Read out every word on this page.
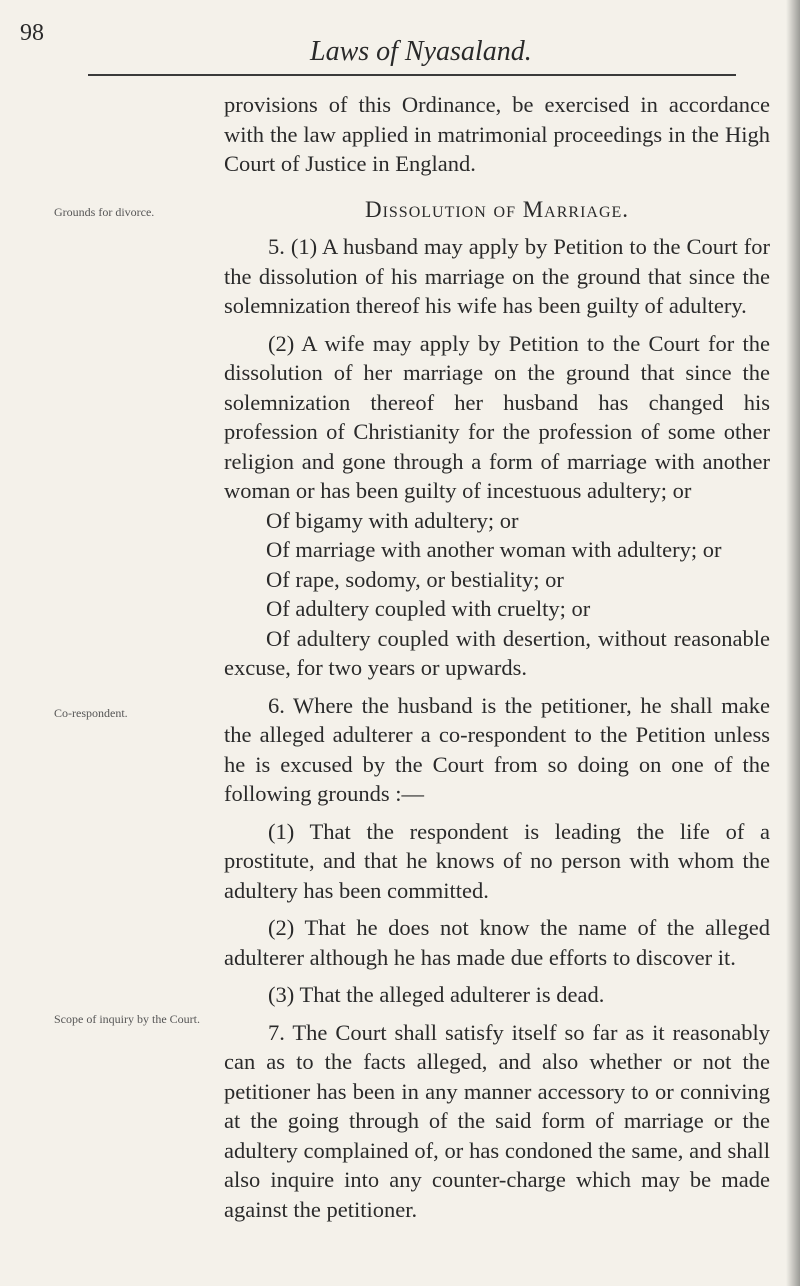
98
Laws of Nyasaland.
Grounds for divorce.
Co-respondent.
Scope of inquiry by the Court.

provisions of this Ordinance, be exercised in accordance with the law applied in matrimonial proceedings in the High Court of Justice in England.

Dissolution of Marriage.

5. (1) A husband may apply by Petition to the Court for the dissolution of his marriage on the ground that since the solemnization thereof his wife has been guilty of adultery.

(2) A wife may apply by Petition to the Court for the dissolution of her marriage on the ground that since the solemnization thereof her husband has changed his profession of Christianity for the profession of some other religion and gone through a form of marriage with another woman or has been guilty of incestuous adultery; or

Of bigamy with adultery; or

Of marriage with another woman with adultery; or

Of rape, sodomy, or bestiality; or

Of adultery coupled with cruelty; or

Of adultery coupled with desertion, without reasonable excuse, for two years or upwards.

6. Where the husband is the petitioner, he shall make the alleged adulterer a co-respondent to the Petition unless he is excused by the Court from so doing on one of the following grounds :—

(1) That the respondent is leading the life of a prostitute, and that he knows of no person with whom the adultery has been committed.

(2) That he does not know the name of the alleged adulterer although he has made due efforts to discover it.

(3) That the alleged adulterer is dead.

7. The Court shall satisfy itself so far as it reasonably can as to the facts alleged, and also whether or not the petitioner has been in any manner accessory to or conniving at the going through of the said form of marriage or the adultery complained of, or has condoned the same, and shall also inquire into any counter-charge which may be made against the petitioner.
